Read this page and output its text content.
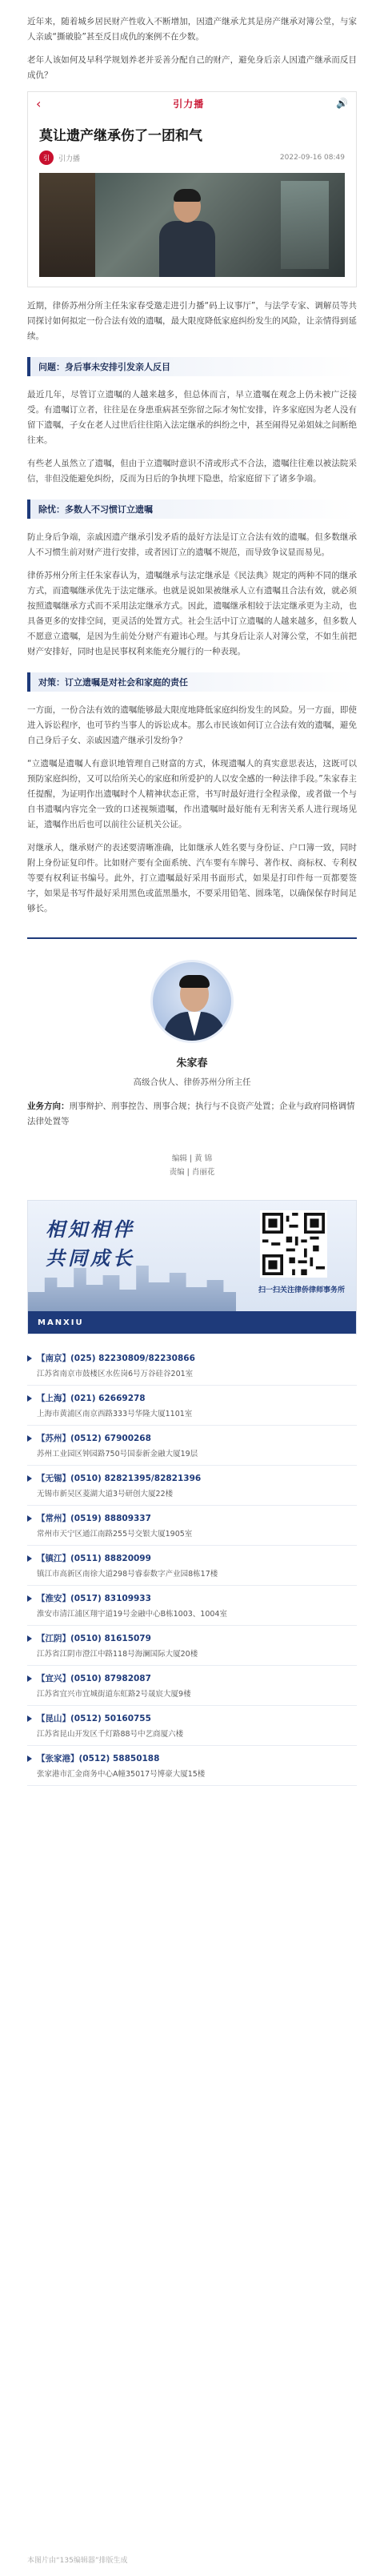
近年来，随着城乡居民财产性收入不断增加，因遗产继承尤其是房产继承对簿公堂，与家人亲戚“撕破脸”甚至反目成仇的案例不在少数。

老年人该如何及早科学规划养老并妥善分配自己的财产，避免身后亲人因遗产继承而反目成仇？

‹	引力播	🔊
莫让遗产继承伤了一团和气
引	引力播	2022-09-16 08:49

近期，律侨苏州分所主任朱家春受邀走进引力播“码上议事厅”，与法学专家、调解员等共同探讨如何拟定一份合法有效的遗嘱，最大限度降低家庭纠纷发生的风险，让亲情得到延续。

问题：身后事未安排引发亲人反目

最近几年，尽管订立遗嘱的人越来越多，但总体而言，早立遗嘱在观念上仍未被广泛接受。有遗嘱订立者，往往是在身患重病甚至弥留之际才匆忙安排，许多家庭因为老人没有留下遗嘱，子女在老人过世后往往陷入法定继承的纠纷之中，甚至闹得兄弟姐妹之间断绝往来。

有些老人虽然立了遗嘱，但由于立遗嘱时意识不清或形式不合法，遗嘱往往难以被法院采信，非但没能避免纠纷，反而为日后的争执埋下隐患，给家庭留下了诸多争端。

除忧：多数人不习惯订立遗嘱

防止身后争端，亲戚因遗产继承引发矛盾的最好方法是订立合法有效的遗嘱。但多数继承人不习惯生前对财产进行安排，或者因订立的遗嘱不规范，而导致争议显而易见。

律侨苏州分所主任朱家春认为，遗嘱继承与法定继承是《民法典》规定的两种不同的继承方式，而遗嘱继承优先于法定继承。也就是说如果被继承人立有遗嘱且合法有效，就必须按照遗嘱继承方式而不采用法定继承方式。因此，遗嘱继承相较于法定继承更为主动，也具备更多的安排空间，更灵活的处置方式。社会生活中订立遗嘱的人越来越多，但多数人不愿意立遗嘱，是因为生前处分财产有避讳心理。与其身后让亲人对簿公堂，不如生前把财产安排好，同时也是民事权利来能充分履行的一种表现。

对策：订立遗嘱是对社会和家庭的责任

一方面，一份合法有效的遗嘱能够最大限度地降低家庭纠纷发生的风险。另一方面，即使进入诉讼程序，也可节约当事人的诉讼成本。那么市民该如何订立合法有效的遗嘱，避免自己身后子女、亲戚因遗产继承引发纷争？

“立遗嘱是遗嘱人有意识地管理自己财富的方式，体现遗嘱人的真实意思表达，这既可以预防家庭纠纷，又可以给所关心的家庭和所爱护的人以安全感的一种法律手段。”朱家春主任提醒，为证明作出遗嘱时个人精神状态正常，书写时最好进行全程录像，或者做一个与自书遗嘱内容完全一致的口述视频遗嘱，作出遗嘱时最好能有无利害关系人进行现场见证，遗嘱作出后也可以前往公证机关公证。

对继承人，继承财产的表述要清晰准确，比如继承人姓名要与身份证、户口簿一致，同时附上身份证复印件。比如财产要有全面系统、汽车要有车牌号、著作权、商标权、专利权等要有权利证书编号。此外，打立遗嘱最好采用书面形式，如果是打印件每一页都要签字，如果是书写件最好采用黑色或蓝黑墨水，不要采用铅笔、圆珠笔，以确保保存时间足够长。

朱家春
高级合伙人、律侨苏州分所主任
业务方向：刑事辩护、刑事控告、刑事合规；执行与不良资产处置；企业与政府同格调情法律处置等
编辑 | 黄 锦
责编 | 肖丽花
相知相伴
共同成长
扫一扫关注律侨律师事务所
MANXIU
【南京】(025) 82230809/82230866
江苏省南京市鼓楼区水佐岗6号万谷硅谷201室
【上海】(021) 62669278
上海市黄浦区南京西路333号华隆大厦1101室
【苏州】(0512) 67900268
苏州工业园区钟园路750号国泰新金融大厦19层
【无锡】(0510) 82821395/82821396
无锡市新吴区菱湖大道3号研创大厦22楼
【常州】(0519) 88809337
常州市天宁区通江南路255号交银大厦1905室
【镇江】(0511) 88820099
镇江市高新区南徐大道298号睿泰数字产业园8栋17楼
【淮安】(0517) 83109933
淮安市清江浦区翔宇道19号金融中心B栋1003、1004室
【江阴】(0510) 81615079
江苏省江阴市澄江中路118号海澜国际大厦20楼
【宜兴】(0510) 87982087
江苏省宜兴市宜城街道东虹路2号晟宸大厦9楼
【昆山】(0512) 50160755
江苏省昆山开发区千灯路88号中艺商厦六楼
【张家港】(0512) 58850188
张家港市汇金商务中心A幢35017号博豪大厦15楼
本图片由“135编辑器”排版生成
